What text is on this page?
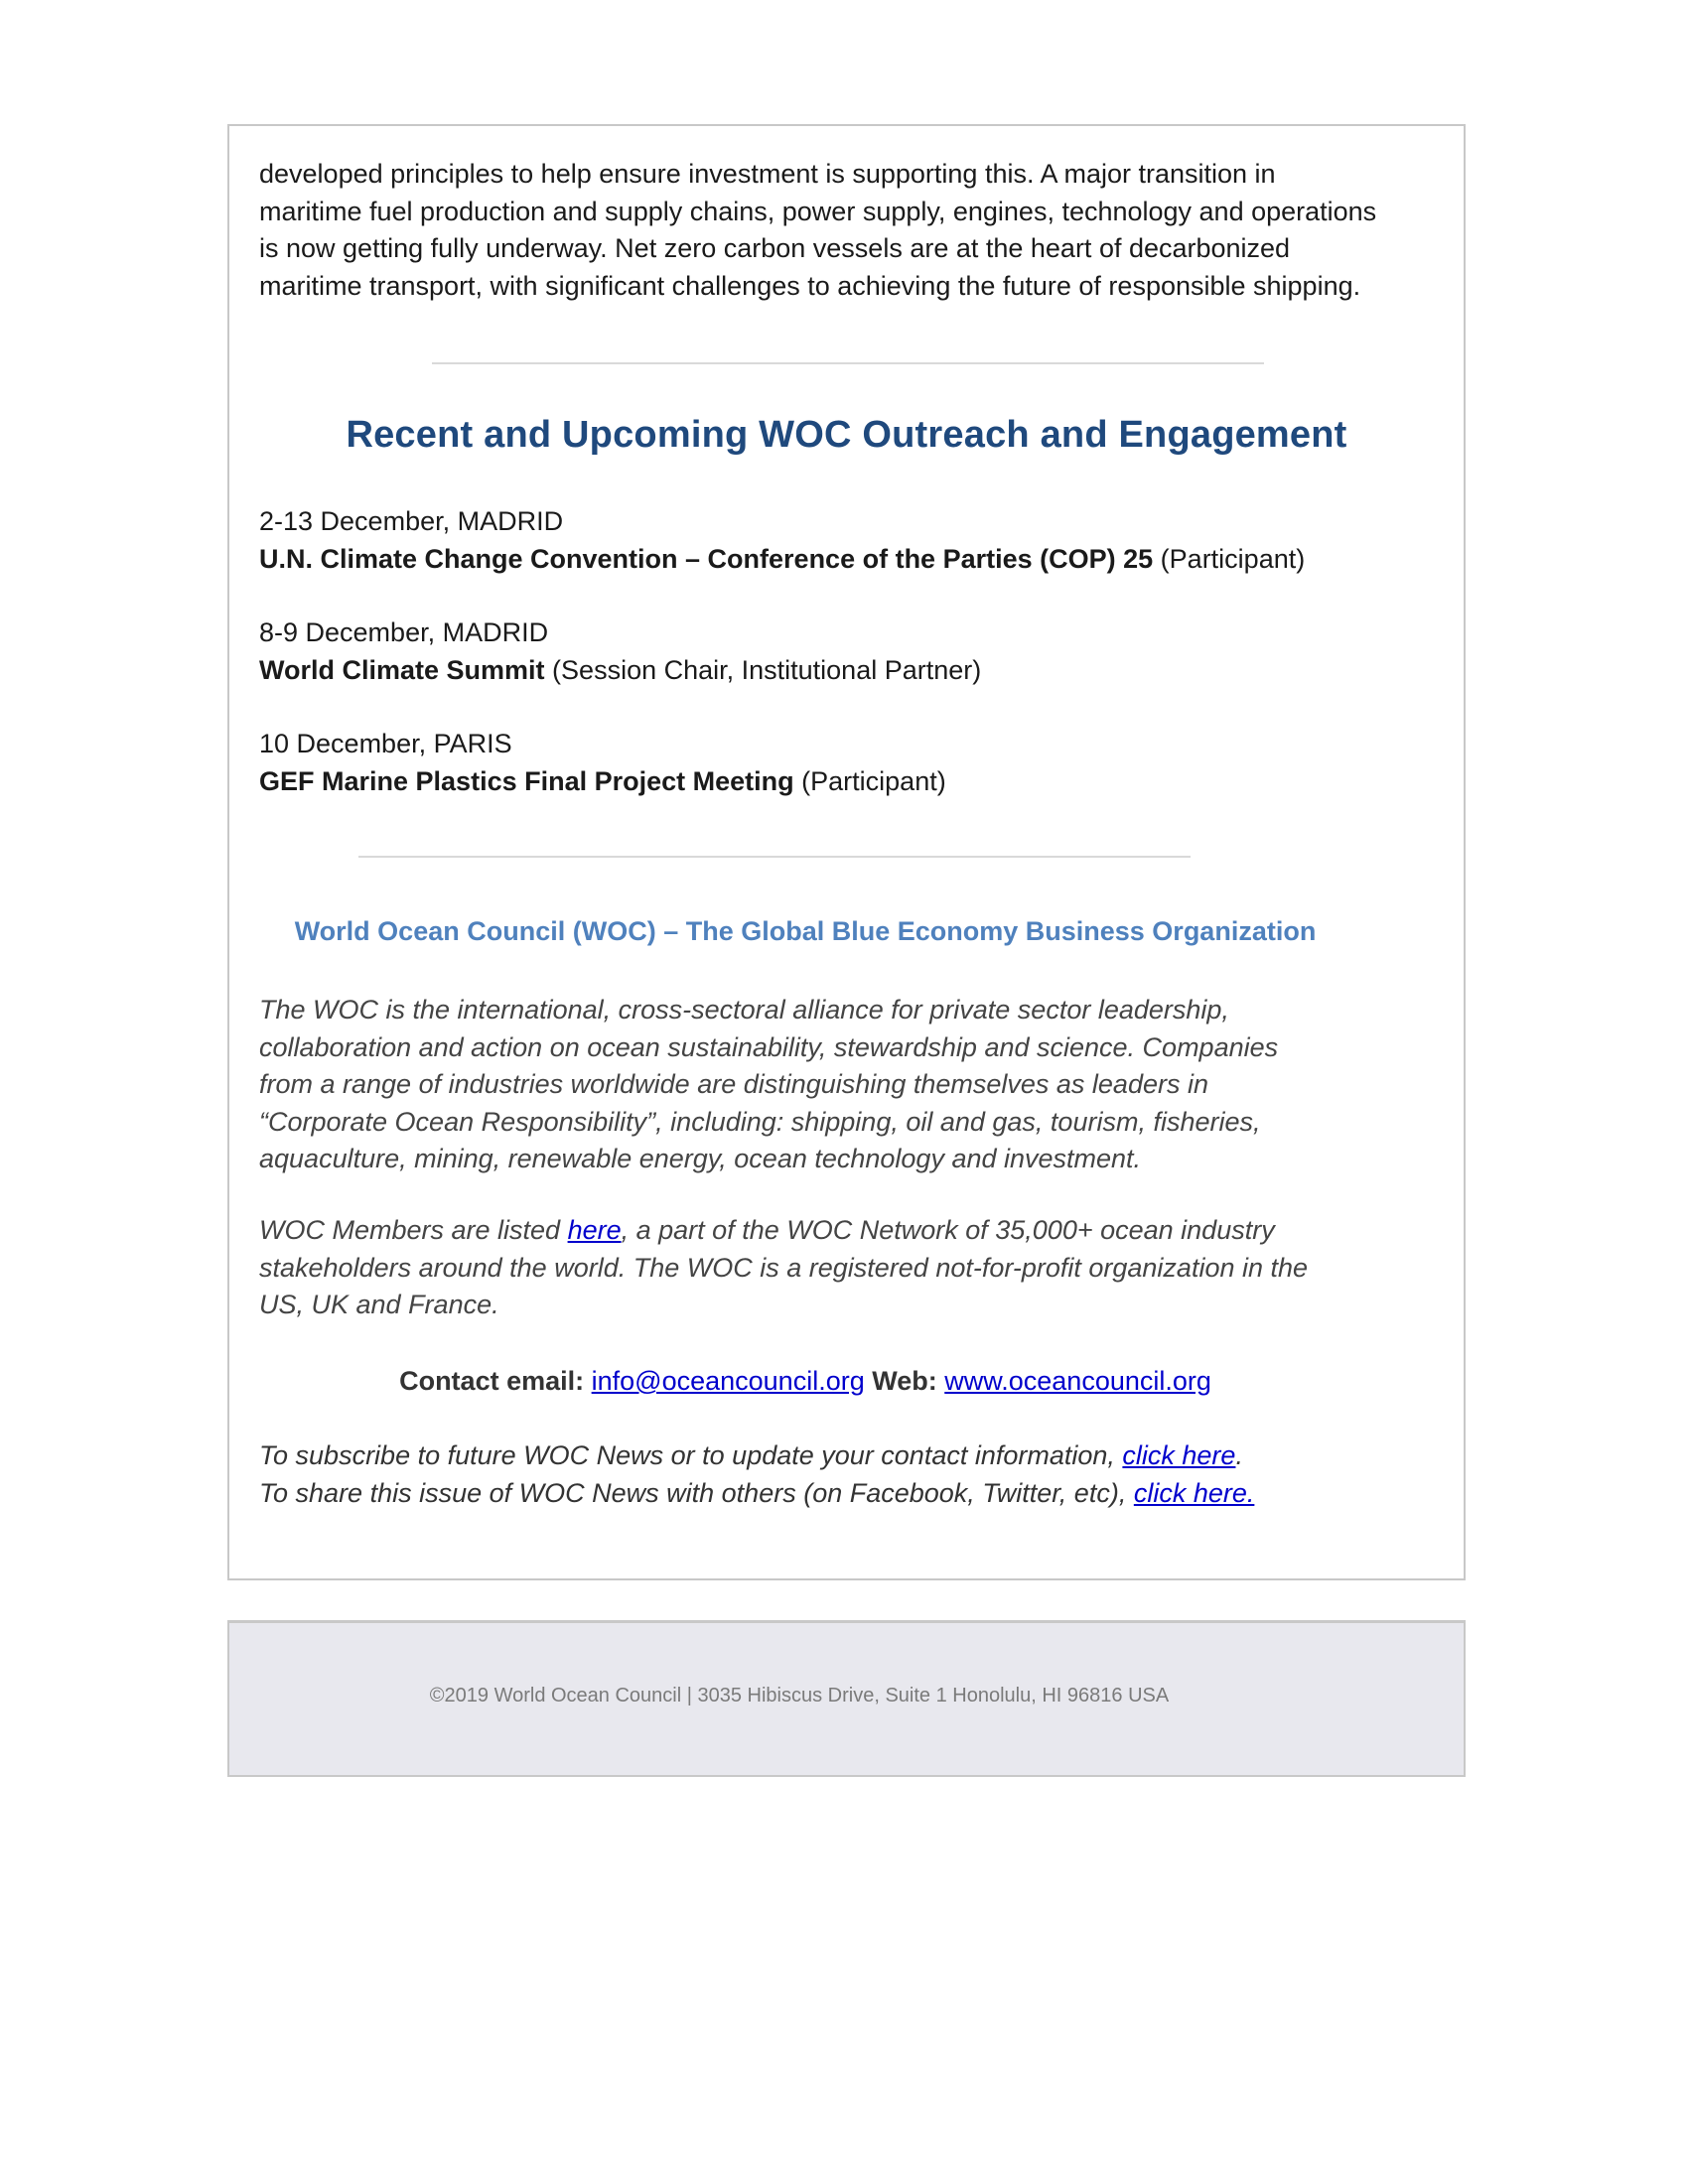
developed principles to help ensure investment is supporting this. A major transition in
maritime fuel production and supply chains, power supply, engines, technology and operations
is now getting fully underway. Net zero carbon vessels are at the heart of decarbonized
maritime transport, with significant challenges to achieving the future of responsible shipping.

Recent and Upcoming WOC Outreach and Engagement
2-13 December, MADRID
U.N. Climate Change Convention – Conference of the Parties (COP) 25 (Participant)
8-9 December, MADRID
World Climate Summit (Session Chair, Institutional Partner)
10 December, PARIS
GEF Marine Plastics Final Project Meeting (Participant)
World Ocean Council (WOC) – The Global Blue Economy Business Organization

The WOC is the international, cross-sectoral alliance for private sector leadership,
collaboration and action on ocean sustainability, stewardship and science. Companies
from a range of industries worldwide are distinguishing themselves as leaders in
“Corporate Ocean Responsibility”, including: shipping, oil and gas, tourism, fisheries,
aquaculture, mining, renewable energy, ocean technology and investment.

WOC Members are listed here, a part of the WOC Network of 35,000+ ocean industry
stakeholders around the world. The WOC is a registered not-for-profit organization in the
US, UK and France.

Contact email: info@oceancouncil.org Web: www.oceancouncil.org
To subscribe to future WOC News or to update your contact information, click here.
To share this issue of WOC News with others (on Facebook, Twitter, etc), click here.
©2019 World Ocean Council | 3035 Hibiscus Drive, Suite 1 Honolulu, HI 96816 USA
